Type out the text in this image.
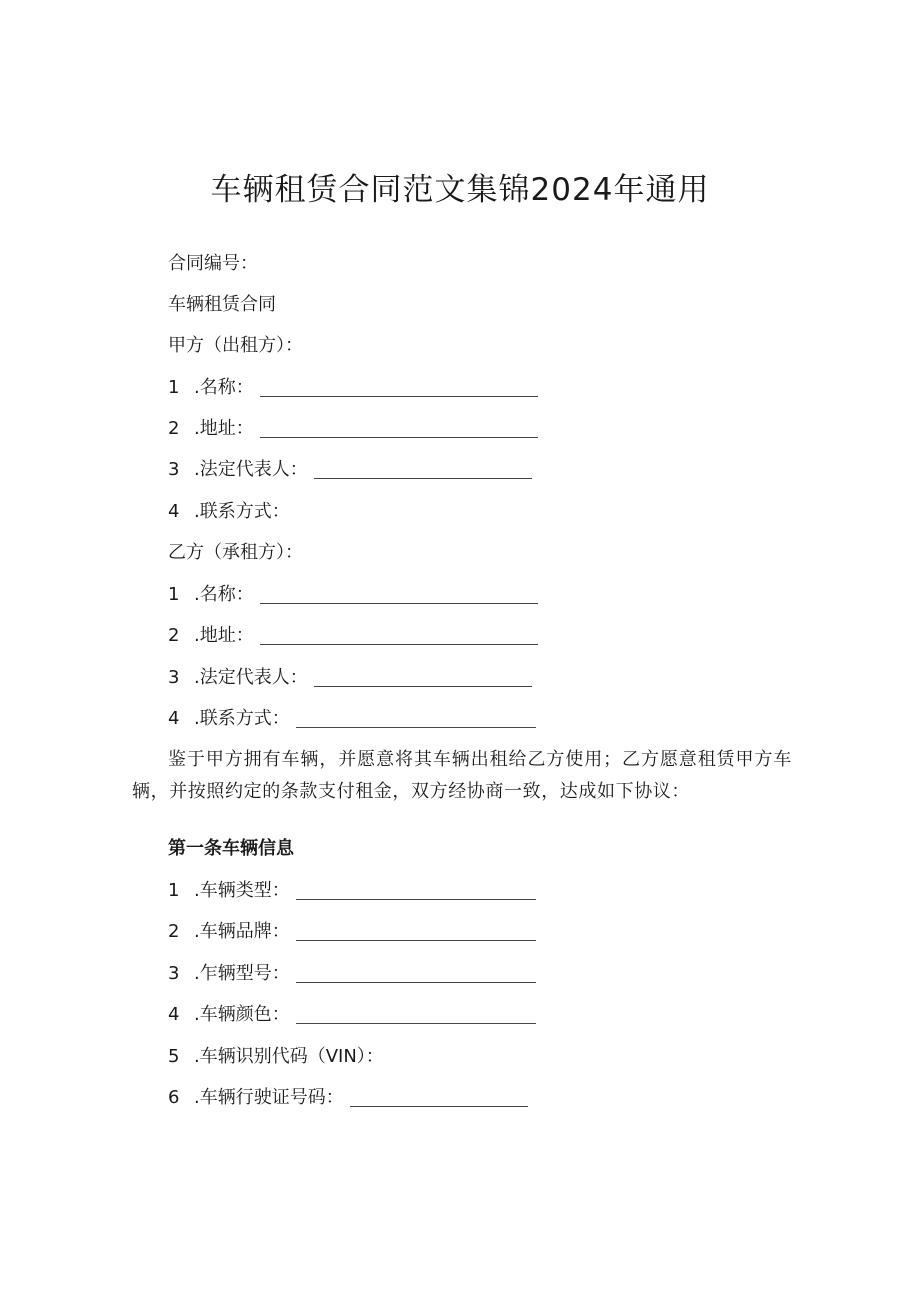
车辆租赁合同范文集锦2024年通用
合同编号：
车辆租赁合同
甲方（出租方）：
1 .名称：
2 .地址：
3 .法定代表人：
4 .联系方式：
乙方（承租方）：
1 .名称：
2 .地址：
3 .法定代表人：
4 .联系方式：
鉴于甲方拥有车辆，并愿意将其车辆出租给乙方使用；乙方愿意租赁甲方车辆，并按照约定的条款支付租金，双方经协商一致，达成如下协议：
第一条车辆信息
1 .车辆类型：
2 .车辆品牌：
3 .乍辆型号：
4 .车辆颜色：
5 .车辆识别代码（VIN）：
6 .车辆行驶证号码：
